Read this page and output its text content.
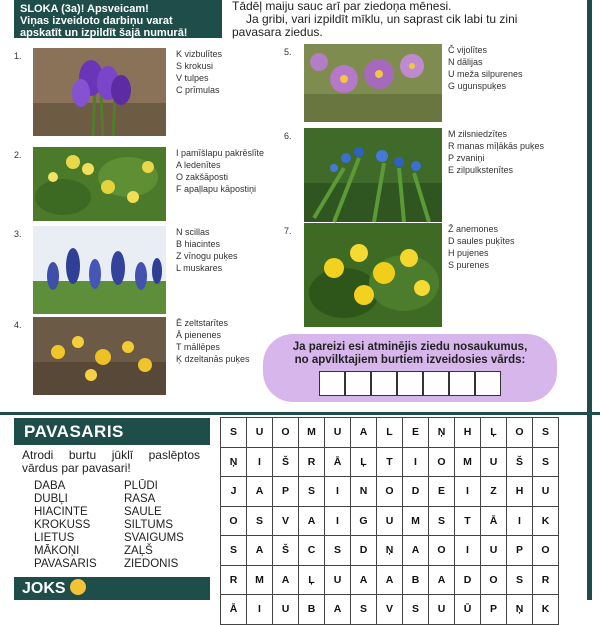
SLOKA (3a)! Apsveicam!
Viņas izveidoto darbiņu varat
apskatīt un izpildīt šajā numurā!

Tādēļ maiju sauc arī par ziedoņa mēnesi.

Ja gribi, vari izpildīt mīklu, un saprast cik labi tu zini pavasara ziedus.

1.	K vizbulītes
S krokusi
V tulpes
C prīmulas
2.	I pamīšlapu pakrēslīte
A ledenītes
O zakšāposti
F apaļlapu kāpostiņi
3.	N scillas
B hiacintes
Z vīnogu puķes
L muskares
4.	Ē zeltstarītes
Ā pienenes
T māllēpes
Ķ dzeltanās puķes
5.	Č vijolītes
N dālijas
U meža silpurenes
G ugunspuķes
6.	M zilsniedzītes
R manas mīļākās puķes
P zvaniņi
E zilpulkstenītes
7.	Ž anemones
D saules puķītes
H pujenes
S purenes
Ja pareizi esi atminējis ziedu nosaukumus,
no apvilktajiem burtiem izveidosies vārds:
PAVASARIS
Atrodi burtu jūklī paslēptos vārdus par pavasari!
DABA
DUBĻI
HIACINTE
KROKUSS
LIETUS
MĀKOŅI
PAVASARIS
PLŪDI
RASA
SAULE
SILTUMS
SVAIGUMS
ZAĻŠ
ZIEDONIS
JOKS
S	U	O	M	U	A	L	E	Ņ	H	Ļ	O	S
Ņ	I	Š	R	Ā	Ļ	T	I	O	M	U	Š	S
J	A	P	S	I	N	O	D	E	I	Z	H	U
O	S	V	A	I	G	U	M	S	T	Ā	I	K
S	A	Š	C	S	D	Ņ	A	O	I	U	P	O
R	M	A	Ļ	U	A	A	B	A	D	O	S	R
Ā	I	U	B	A	S	V	S	U	Ū	P	Ņ	K
